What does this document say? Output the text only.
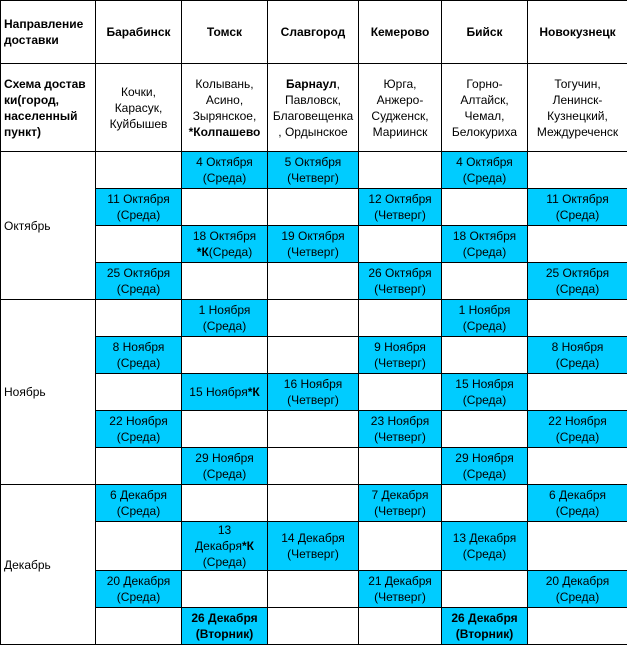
Направление доставки	Барабинск	Томск	Славгород	Кемерово	Бийск	Новокузнецк
Схема достав ки(город, населенный пункт)	Кочки,
Карасук,
Куйбышев	Колывань,
Асино,
Зырянское,
*Колпашево	Барнаул,
Павловск,
Благовещенка
, Ордынское	Юрга,
Анжеро-
Судженск,
Мариинск	Горно-
Алтайск,
Чемал,
Белокуриха	Тогучин,
Ленинск-
Кузнецкий,
Междуреченск

Октябрь		4 Октября
(Среда)	5 Октября
(Четверг)		4 Октября
(Среда)	

	11 Октября
(Среда)			12 Октября
(Четверг)		11 Октября
(Среда)

		18 Октября
*К(Среда)	19 Октября
(Четверг)		18 Октября
(Среда)	

	25 Октября
(Среда)			26 Октября
(Четверг)		25 Октября
(Среда)

Ноябрь		1 Ноября
(Среда)			1 Ноября
(Среда)	

	8 Ноября
(Среда)			9 Ноября
(Четверг)		8 Ноября
(Среда)

		15 Ноября*К	16 Ноября
(Четверг)		15 Ноября
(Среда)	

	22 Ноября
(Среда)			23 Ноября
(Четверг)		22 Ноября
(Среда)

		29 Ноября
(Среда)			29 Ноября
(Среда)	

Декабрь	6 Декабря
(Среда)			7 Декабря
(Четверг)		6 Декабря
(Среда)

		13
Декабря*К
(Среда)	14 Декабря
(Четверг)		13 Декабря
(Среда)	

	20 Декабря
(Среда)			21 Декабря
(Четверг)		20 Декабря
(Среда)

		26 Декабря
(Вторник)			26 Декабря
(Вторник)	
